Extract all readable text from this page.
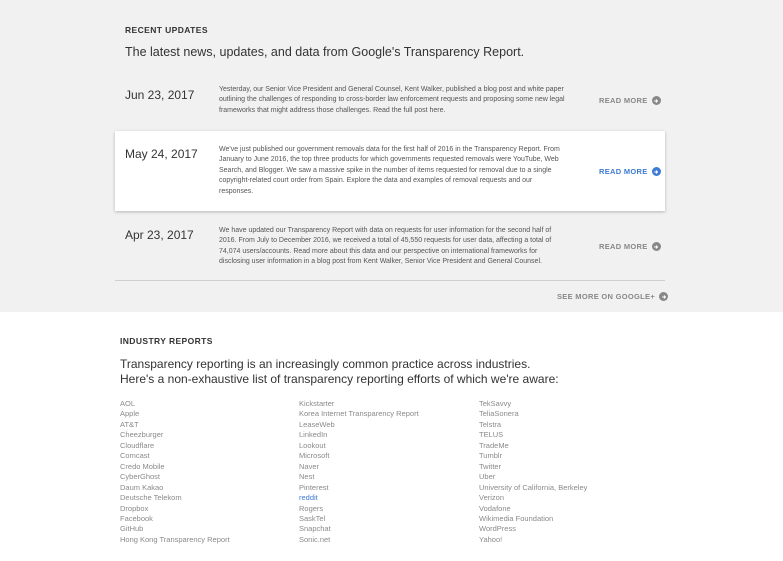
RECENT UPDATES
The latest news, updates, and data from Google's Transparency Report.
Jun 23, 2017	Yesterday, our Senior Vice President and General Counsel, Kent Walker, published a blog post and white paper outlining the challenges of responding to cross-border law enforcement requests and proposing some new legal frameworks that might address those challenges. Read the full post here.
READ MORE
May 24, 2017	We've just published our government removals data for the first half of 2016 in the Transparency Report. From January to June 2016, the top three products for which governments requested removals were YouTube, Web Search, and Blogger. We saw a massive spike in the number of items requested for removal due to a single copyright-related court order from Spain. Explore the data and examples of removal requests and our responses.
READ MORE
Apr 23, 2017	We have updated our Transparency Report with data on requests for user information for the second half of 2016. From July to December 2016, we received a total of 45,550 requests for user data, affecting a total of 74,074 users/accounts. Read more about this data and our perspective on international frameworks for disclosing user information in a blog post from Kent Walker, Senior Vice President and General Counsel.
READ MORE
SEE MORE ON GOOGLE+
INDUSTRY REPORTS
Transparency reporting is an increasingly common practice across industries.
Here's a non-exhaustive list of transparency reporting efforts of which we're aware:
AOL
Apple
AT&T
Cheezburger
Cloudflare
Comcast
Credo Mobile
CyberGhost
Daum Kakao
Deutsche Telekom
Dropbox
Facebook
GitHub
Hong Kong Transparency Report
Kickstarter
Korea Internet Transparency Report
LeaseWeb
LinkedIn
Lookout
Microsoft
Naver
Nest
Pinterest
reddit
Rogers
SaskTel
Snapchat
Sonic.net
TekSavvy
TeliaSonera
Telstra
TELUS
TradeMe
Tumblr
Twitter
Uber
University of California, Berkeley
Verizon
Vodafone
Wikimedia Foundation
WordPress
Yahoo!
